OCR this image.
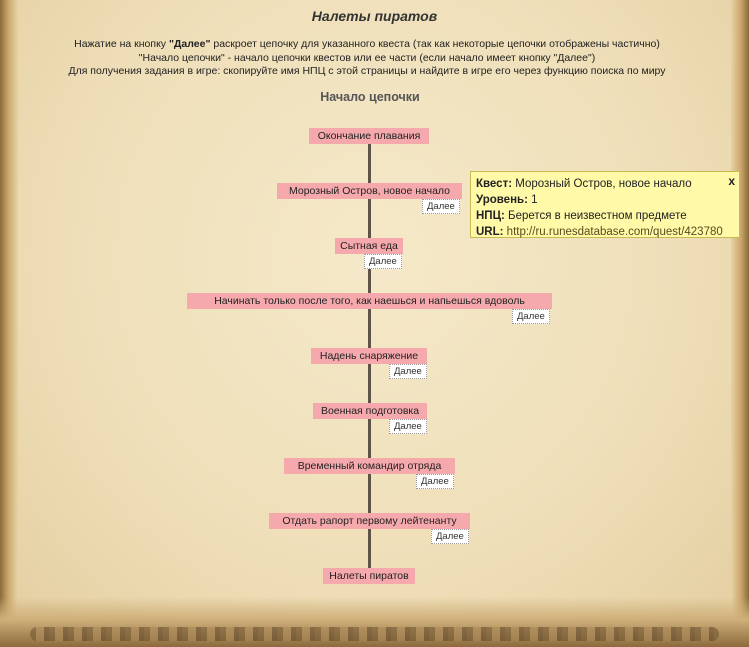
Налеты пиратов
Нажатие на кнопку "Далее" раскроет цепочку для указанного квеста (так как некоторые цепочки отображены частично)
"Начало цепочки" - начало цепочки квестов или ее части (если начало имеет кнопку "Далее")
Для получения задания в игре: скопируйте имя НПЦ с этой страницы и найдите в игре его через функцию поиска по миру
Начало цепочки
Окончание плавания
Морозный Остров, новое начало
Далее
Сытная еда
Далее
Начинать только после того, как наешься и напьешься вдоволь
Далее
Надень снаряжение
Далее
Военная подготовка
Далее
Временный командир отряда
Далее
Отдать рапорт первому лейтенанту
Далее
Налеты пиратов
x
Квест: Морозный Остров, новое начало
Уровень: 1
НПЦ: Берется в неизвестном предмете
URL: http://ru.runesdatabase.com/quest/423780
